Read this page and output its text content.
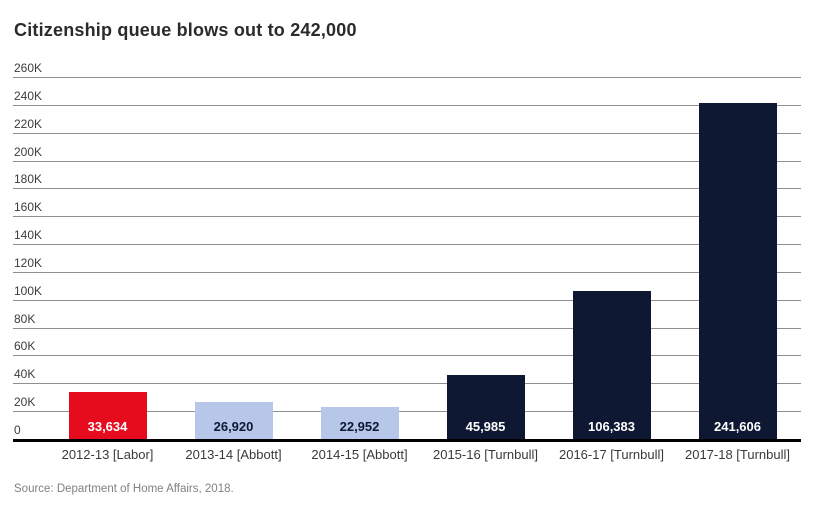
Citizenship queue blows out to 242,000
0
20K
40K
60K
80K
100K
120K
140K
160K
180K
200K
220K
240K
260K
33,634	26,920	22,952	45,985	106,383	241,606
2012-13 [Labor]	2013-14 [Abbott]	2014-15 [Abbott]	2015-16 [Turnbull]	2016-17 [Turnbull]	2017-18 [Turnbull]
Source: Department of Home Affairs, 2018.
